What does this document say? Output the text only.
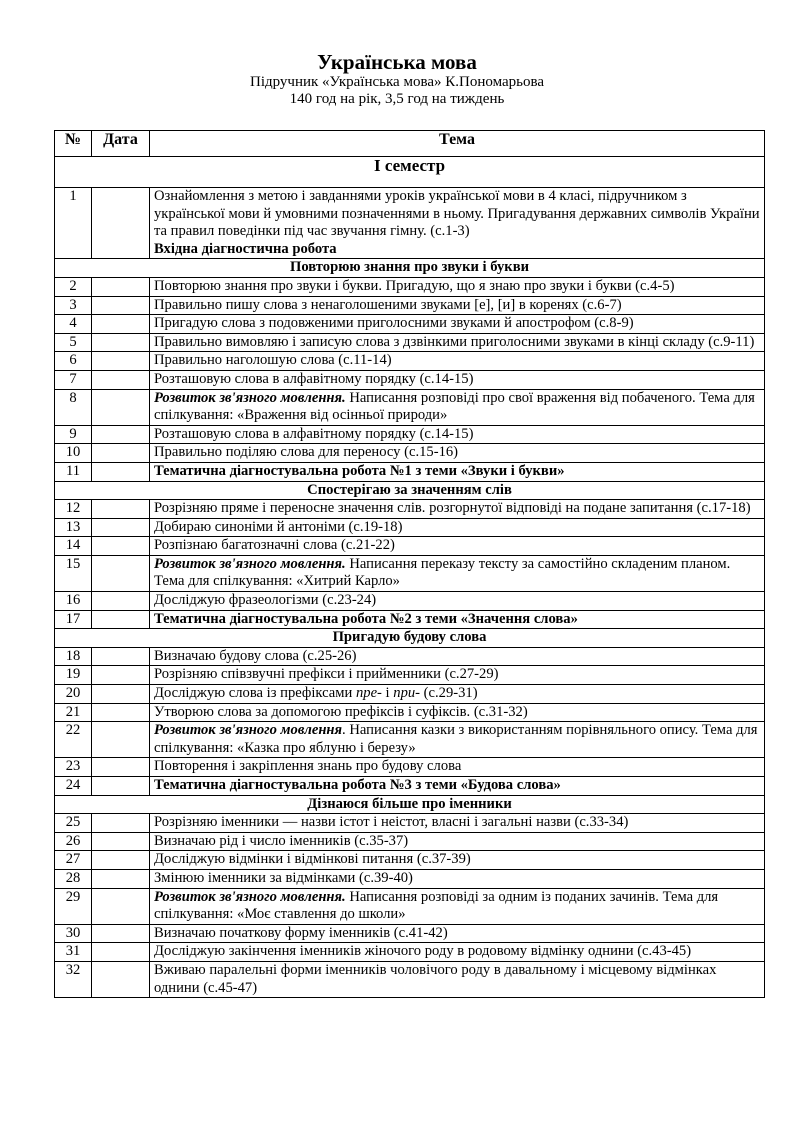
Українська мова
Підручник «Українська мова» К.Пономарьова
140 год на рік, 3,5 год на тиждень
№	Дата	Тема
І семестр		
1		Ознайомлення з метою і завданнями уроків української мови в 4 класі, підручником з української мови й умовними позначеннями в ньому. Пригадування державних символів України та правил поведінки під час звучання гімну. (с.1-3)
Вхідна діагностична робота
Повторюю знання про звуки і букви		
2		Повторюю знання про звуки і букви. Пригадую, що я знаю про звуки і букви (с.4-5)
3		Правильно пишу слова з ненаголошеними звуками [е], [и] в коренях (с.6-7)
4		Пригадую слова з подовженими приголосними звуками й апострофом (с.8-9)
5		Правильно вимовляю і записую слова з дзвінкими приголосними звуками в кінці складу (с.9-11)
6		Правильно наголошую слова (с.11-14)
7		Розташовую слова в алфавітному порядку (с.14-15)
8		Розвиток зв'язного мовлення. Написання розповіді про свої враження від побаченого. Тема для спілкування: «Враження від осінньої природи»
9		Розташовую слова в алфавітному порядку (с.14-15)
10		Правильно поділяю слова для переносу (с.15-16)
11		Тематична діагностувальна робота №1 з теми «Звуки і букви»
Спостерігаю за значенням слів		
12		Розрізняю пряме і переносне значення слів. розгорнутої відповіді на подане запитання (с.17-18)
13		Добираю синоніми й антоніми (с.19-18)
14		Розпізнаю багатозначні слова (с.21-22)
15		Розвиток зв'язного мовлення. Написання переказу тексту за самостійно складеним планом. Тема для спілкування: «Хитрий Карло»
16		Досліджую фразеологізми (с.23-24)
17		Тематична діагностувальна робота №2 з теми «Значення слова»
Пригадую будову слова		
18		Визначаю будову слова (с.25-26)
19		Розрізняю співзвучні префікси і прийменники (с.27-29)
20		Досліджую слова із префіксами пре- і при- (с.29-31)
21		Утворюю слова за допомогою префіксів і суфіксів. (с.31-32)
22		Розвиток зв'язного мовлення. Написання казки з використанням порівняльного опису. Тема для спілкування: «Казка про яблуню і березу»
23		Повторення і закріплення знань про будову слова
24		Тематична діагностувальна робота №3 з теми «Будова слова»
Дізнаюся більше про іменники		
25		Розрізняю іменники — назви істот і неістот, власні і загальні назви (с.33-34)
26		Визначаю рід і число іменників (с.35-37)
27		Досліджую відмінки і відмінкові питання (с.37-39)
28		Змінюю іменники за відмінками (с.39-40)
29		Розвиток зв'язного мовлення. Написання розповіді за одним із поданих зачинів. Тема для спілкування: «Моє ставлення до школи»
30		Визначаю початкову форму іменників (с.41-42)
31		Досліджую закінчення іменників жіночого роду в родовому відмінку однини (с.43-45)
32		Вживаю паралельні форми іменників чоловічого роду в давальному і місцевому відмінках однини (с.45-47)
